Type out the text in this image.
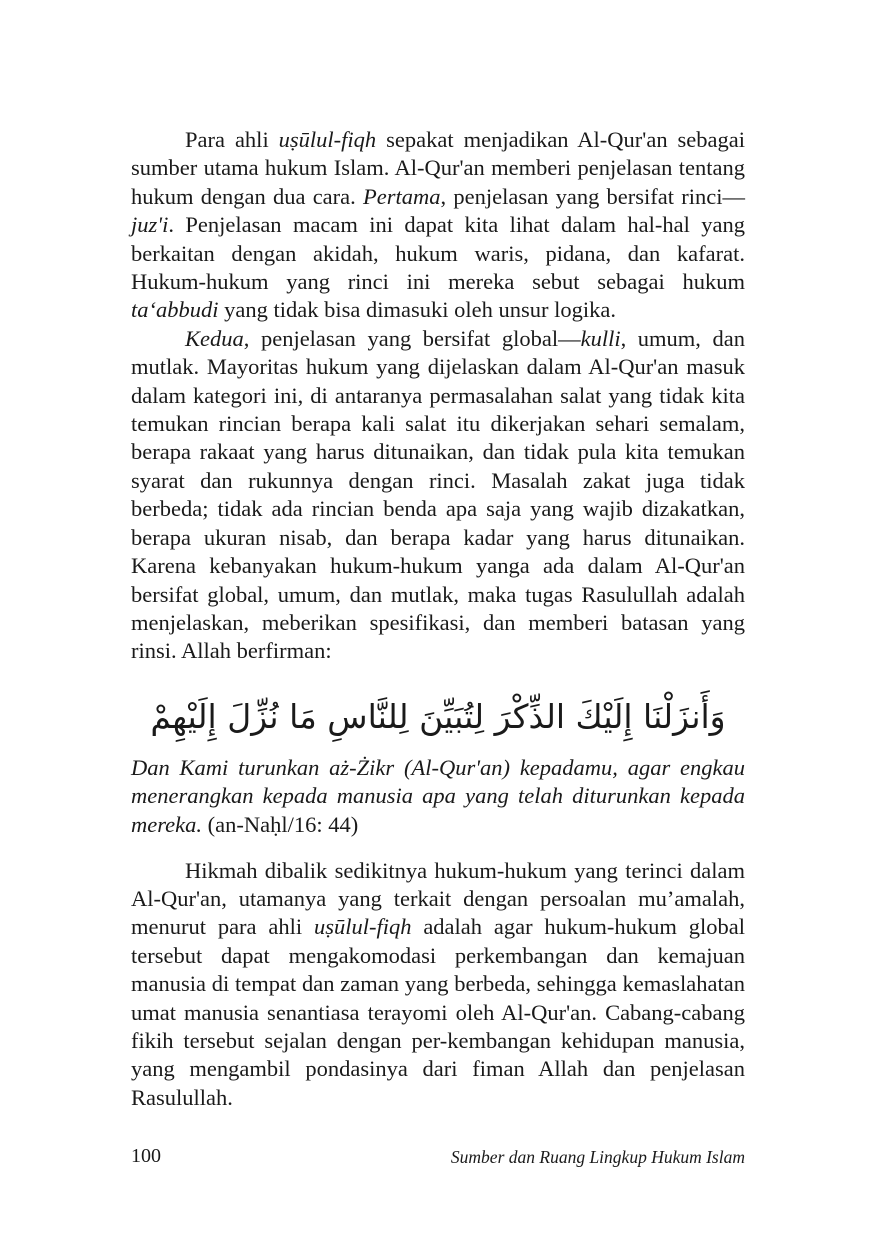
Para ahli uṣūlul-fiqh sepakat menjadikan Al-Qur'an sebagai sumber utama hukum Islam. Al-Qur'an memberi penjelasan tentang hukum dengan dua cara. Pertama, penjelasan yang bersifat rinci—juz'i. Penjelasan macam ini dapat kita lihat dalam hal-hal yang berkaitan dengan akidah, hukum waris, pidana, dan kafarat. Hukum-hukum yang rinci ini mereka sebut sebagai hukum ta‘abbudi yang tidak bisa dimasuki oleh unsur logika.

Kedua, penjelasan yang bersifat global—kulli, umum, dan mutlak. Mayoritas hukum yang dijelaskan dalam Al-Qur'an masuk dalam kategori ini, di antaranya permasalahan salat yang tidak kita temukan rincian berapa kali salat itu dikerjakan sehari semalam, berapa rakaat yang harus ditunaikan, dan tidak pula kita temukan syarat dan rukunnya dengan rinci. Masalah zakat juga tidak berbeda; tidak ada rincian benda apa saja yang wajib dizakatkan, berapa ukuran nisab, dan berapa kadar yang harus ditunaikan. Karena kebanyakan hukum-hukum yanga ada dalam Al-Qur'an bersifat global, umum, dan mutlak, maka tugas Rasulullah adalah menjelaskan, meberikan spesifikasi, dan memberi batasan yang rinsi. Allah berfirman:

وَأَنزَلْنَا إِلَيْكَ الذِّكْرَ لِتُبَيِّنَ لِلنَّاسِ مَا نُزِّلَ إِلَيْهِمْ

Dan Kami turunkan aż-Żikr (Al-Qur'an) kepadamu, agar engkau menerangkan kepada manusia apa yang telah diturunkan kepada mereka. (an-Naḥl/16: 44)

Hikmah dibalik sedikitnya hukum-hukum yang terinci dalam Al-Qur'an, utamanya yang terkait dengan persoalan mu’amalah, menurut para ahli uṣūlul-fiqh adalah agar hukum-hukum global tersebut dapat mengakomodasi perkembangan dan kemajuan manusia di tempat dan zaman yang berbeda, sehingga kemaslahatan umat manusia senantiasa terayomi oleh Al-Qur'an. Cabang-cabang fikih tersebut sejalan dengan per-kembangan kehidupan manusia, yang mengambil pondasinya dari fiman Allah dan penjelasan Rasulullah.

100	Sumber dan Ruang Lingkup Hukum Islam
